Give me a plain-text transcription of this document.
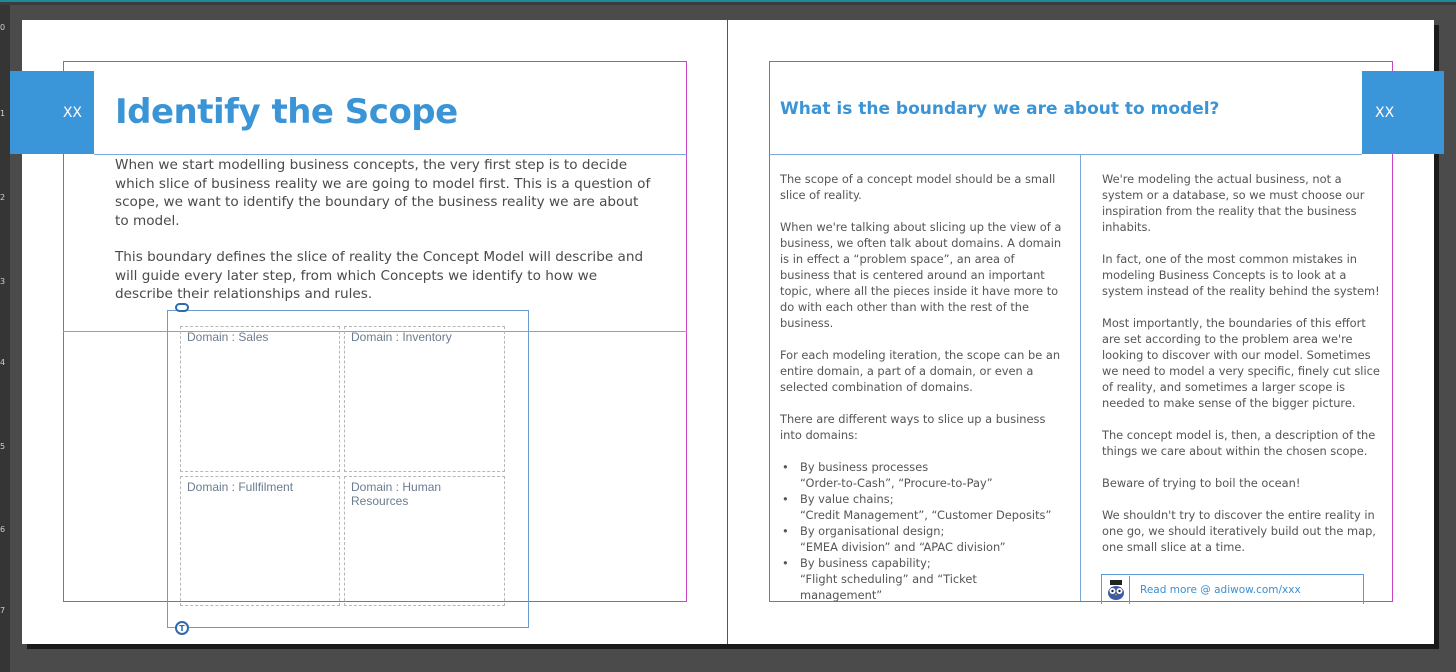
0
1
2
3
4
5
6
7
XX Identify the Scope
When we start modelling business concepts, the very first step is to decide which slice of business reality we are going to model first. This is a question of scope, we want to identify the boundary of the business reality we are about to model.
This boundary defines the slice of reality the Concept Model will describe and will guide every later step, from which Concepts we identify to how we describe their relationships and rules.
T
Domain : Sales	Domain : Inventory
Domain : Fullfilment	Domain : Human Resources
XX
What is the boundary we are about to model?

The scope of a concept model should be a small slice of reality.

When we're talking about slicing up the view of a business, we often talk about domains. A domain is in effect a “problem space”, an area of business that is centered around an important topic, where all the pieces inside it have more to do with each other than with the rest of the business.

For each modeling iteration, the scope can be an entire domain, a part of a domain, or even a selected combination of domains.

There are different ways to slice up a business into domains:

• By business processes
“Order-to-Cash”, “Procure-to-Pay”
• By value chains;
“Credit Management”, “Customer Deposits”
• By organisational design;
“EMEA division” and “APAC division”
• By business capability;
“Flight scheduling” and “Ticket management”

We're modeling the actual business, not a system or a database, so we must choose our inspiration from the reality that the business inhabits.

In fact, one of the most common mistakes in modeling Business Concepts is to look at a system instead of the reality behind the system!

Most importantly, the boundaries of this effort are set according to the problem area we're looking to discover with our model. Sometimes we need to model a very specific, finely cut slice of reality, and sometimes a larger scope is needed to make sense of the bigger picture.

The concept model is, then, a description of the things we care about within the chosen scope.

Beware of trying to boil the ocean!

We shouldn't try to discover the entire reality in one go, we should iteratively build out the map, one small slice at a time.

Read more @ adiwow.com/xxx
